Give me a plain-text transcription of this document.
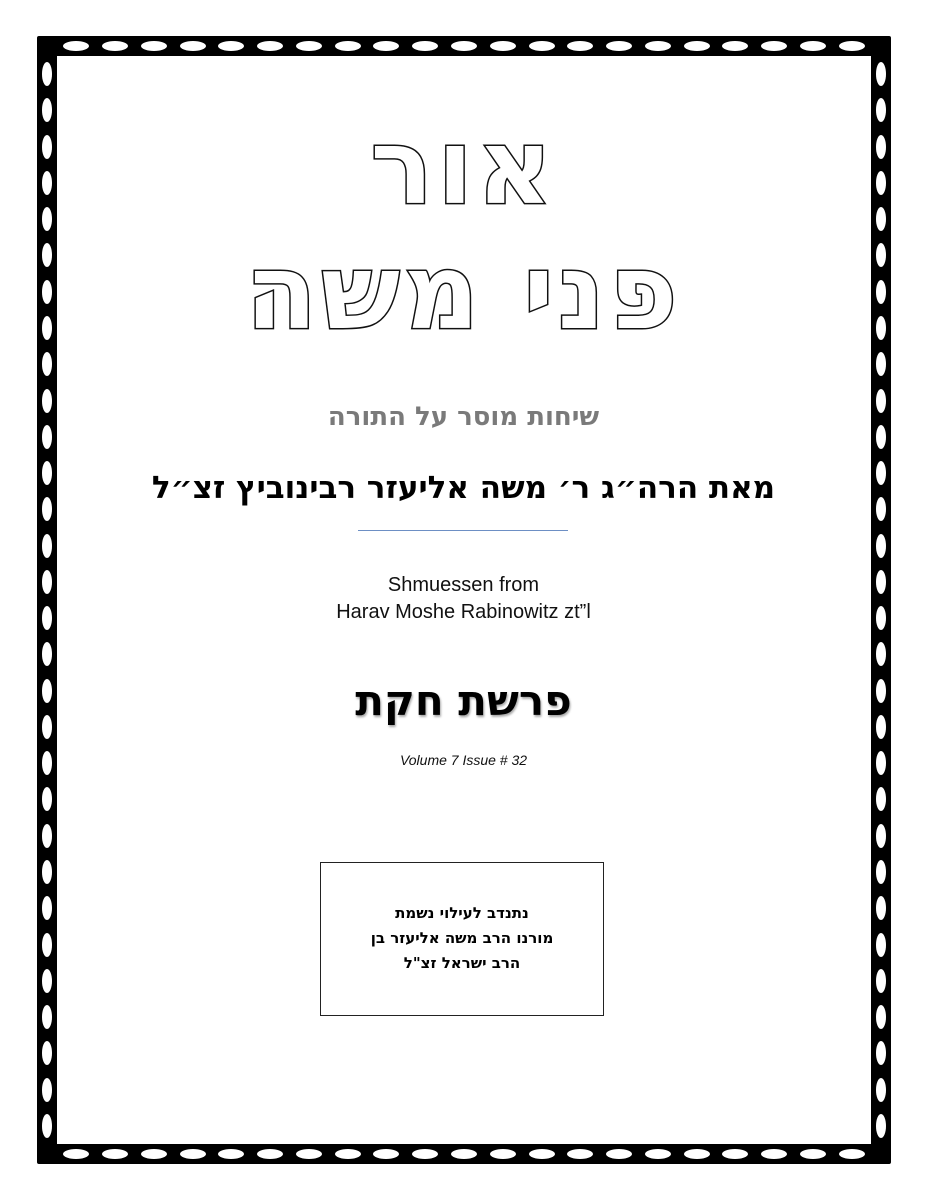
אור
פני משה
שיחות מוסר על התורה
מאת הרה״ג ר׳ משה אליעזר רבינוביץ זצ״ל
Shmuessen from
Harav Moshe Rabinowitz zt”l
פרשת חקת
Volume 7 Issue # 32
נתנדב לעילוי נשמת
מורנו הרב משה אליעזר בן
הרב ישראל זצ"ל
